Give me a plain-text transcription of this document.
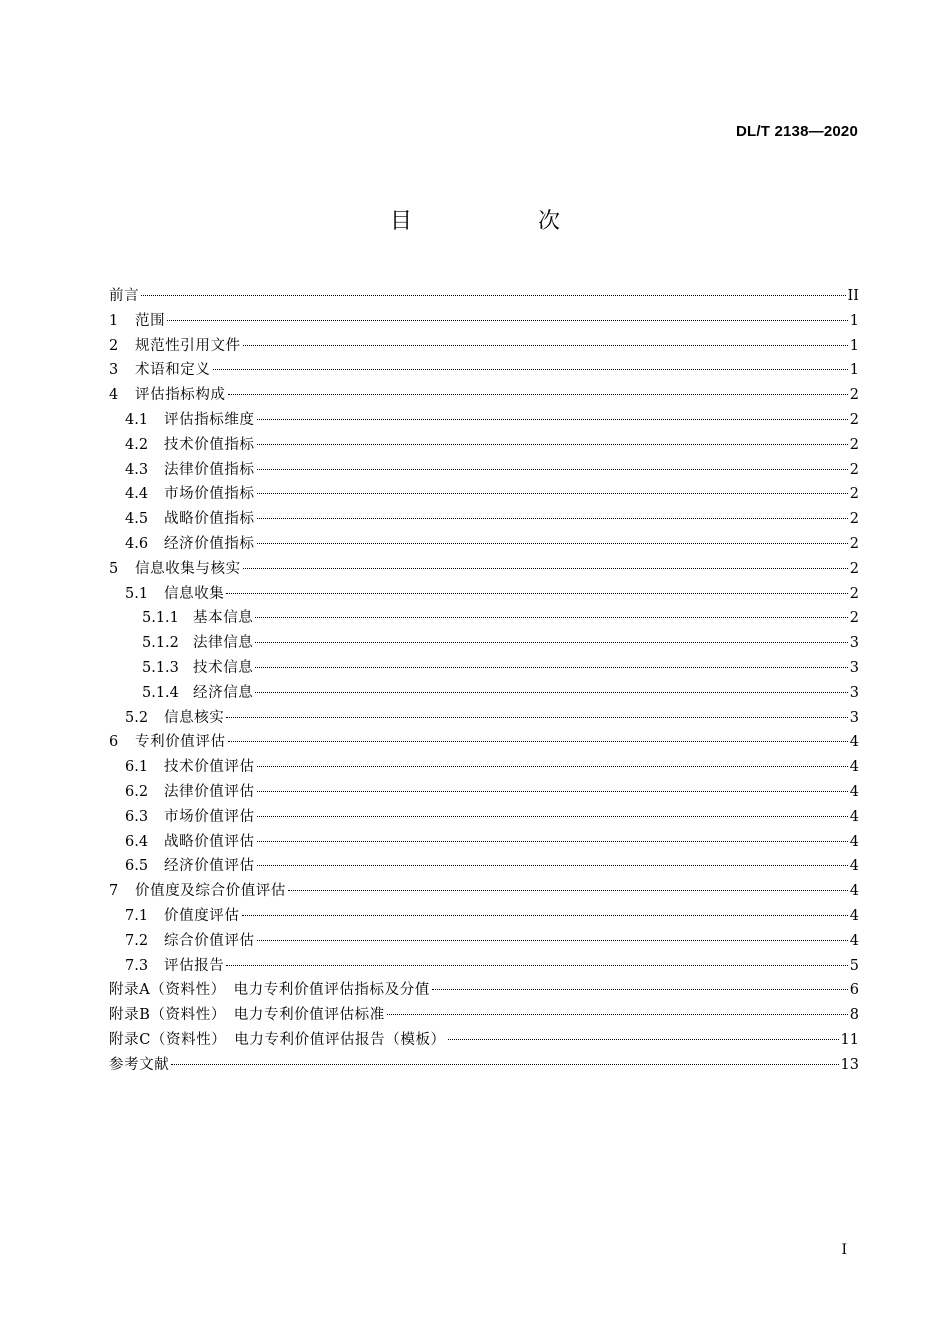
DL/T 2138—2020
目　次
前言	II
1	范围	1
2	规范性引用文件	1
3	术语和定义	1
4	评估指标构成	2
4.1	评估指标维度	2
4.2	技术价值指标	2
4.3	法律价值指标	2
4.4	市场价值指标	2
4.5	战略价值指标	2
4.6	经济价值指标	2
5	信息收集与核实	2
5.1	信息收集	2
5.1.1 基本信息	2
5.1.2 法律信息	3
5.1.3 技术信息	3
5.1.4 经济信息	3
5.2	信息核实	3
6	专利价值评估	4
6.1	技术价值评估	4
6.2	法律价值评估	4
6.3	市场价值评估	4
6.4	战略价值评估	4
6.5	经济价值评估	4
7	价值度及综合价值评估	4
7.1	价值度评估	4
7.2	综合价值评估	4
7.3	评估报告	5
附录A（资料性）　电力专利价值评估指标及分值	6
附录B（资料性）　电力专利价值评估标准	8
附录C（资料性）　电力专利价值评估报告（模板）	11
参考文献	13
I
